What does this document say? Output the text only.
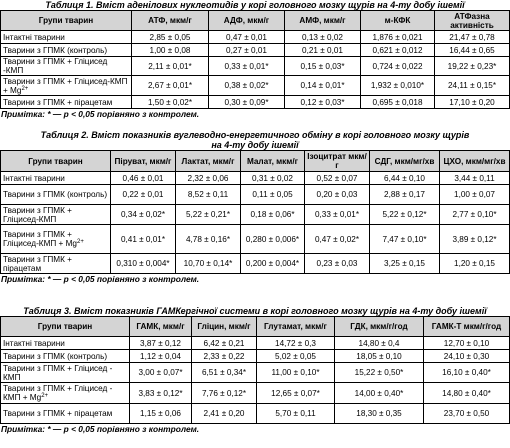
Таблиця 1. Вміст аденілових нуклеотидів у корі головного мозку щурів на 4-ту добу ішемії
Групи тварин	АТФ, мкм/г	АДФ, мкм/г	АМФ, мкм/г	м-КФК	АТФазна активність
Інтактні тварини	2,85 ± 0,05	0,47 ± 0,01	0,13 ± 0,02	1,876 ± 0,021	21,47 ± 0,78
Тварини з ГПМК (контроль)	1,00 ± 0,08	0,27 ± 0,01	0,21 ± 0,01	0,621 ± 0,012	16,44 ± 0,65
Тварини з ГПМК + Гліцисед -КМП	2,11 ± 0,01*	0,33 ± 0,01*	0,15 ± 0,03*	0,724 ± 0,022	19,22 ± 0,23*
Тварини з ГПМК + Гліцисед-КМП + $Mg^{2+}$	2,67 ± 0,01*	0,38 ± 0,02*	0,14 ± 0,01*	1,932 ± 0,010*	24,11 ± 0,15*
Тварини з ГПМК + пірацетам	1,50 ± 0,02*	0,30 ± 0,09*	0,12 ± 0,03*	0,695 ± 0,018	17,10 ± 0,20
Примітка: * — р < 0,05 порівняно з контролем.
Таблиця 2. Вміст показників вуглеводно-енергетичного обміну в корі головного мозку щурів
на 4-ту добу ішемії
Групи тварин	Піруват, мкм/г	Лактат, мкм/г	Малат, мкм/г	Ізоцитрат мкм/г	СДГ, мкм/мг/хв	ЦХО, мкм/мг/хв
Інтактні тварини	0,46 ± 0,01	2,32 ± 0,06	0,31 ± 0,02	0,52 ± 0,07	6,44 ± 0,10	3,44 ± 0,11
Тварини з ГПМК (контроль)	0,22 ± 0,01	8,52 ± 0,11	0,11 ± 0,05	0,20 ± 0,03	2,88 ± 0,17	1,00 ± 0,07
Тварини з ГПМК + Гліцисед-КМП	0,34 ± 0,02*	5,22 ± 0,21*	0,18 ± 0,06*	0,33 ± 0,01*	5,22 ± 0,12*	2,77 ± 0,10*
Тварини з ГПМК + Гліцисед-КМП + $Mg^{2+}$	0,41 ± 0,01*	4,78 ± 0,16*	0,280 ± 0,006*	0,47 ± 0,02*	7,47 ± 0,10*	3,89 ± 0,12*
Тварини з ГПМК + пірацетам	0,310 ± 0,004*	10,70 ± 0,14*	0,200 ± 0,004*	0,23 ± 0,03	3,25 ± 0,15	1,20 ± 0,15
Примітка: * — р < 0,05 порівняно з контролем.
Таблиця 3. Вміст показників ГАМКергічної системи в корі головного мозку щурів на 4-ту добу ішемії
Групи тварин	ГАМК, мкм/г	Гліцин, мкм/г	Глутамат, мкм/г	ГДК, мкм/г/год	ГАМК-Т мкм/г/год
Інтактні тварини	3,87 ± 0,12	6,42 ± 0,21	14,72 ± 0,3	14,80 ± 0,4	12,70 ± 0,10
Тварини з ГПМК (контроль)	1,12 ± 0,04	2,33 ± 0,22	5,02 ± 0,05	18,05 ± 0,10	24,10 ± 0,30
Тварини з ГПМК + Гліцисед - КМП	3,00 ± 0,07*	6,51 ± 0,34*	11,00 ± 0,10*	15,22 ± 0,50*	16,10 ± 0,40*
Тварини з ГПМК + Гліцисед - КМП + $Mg^{2+}$	3,83 ± 0,12*	7,76 ± 0,12*	12,65 ± 0,07*	14,00 ± 0,40*	14,80 ± 0,40*
Тварини з ГПМК + пірацетам	1,15 ± 0,06	2,41 ± 0,20	5,70 ± 0,11	18,30 ± 0,35	23,70 ± 0,50
Примітка: * — р < 0,05 порівняно з контролем.
